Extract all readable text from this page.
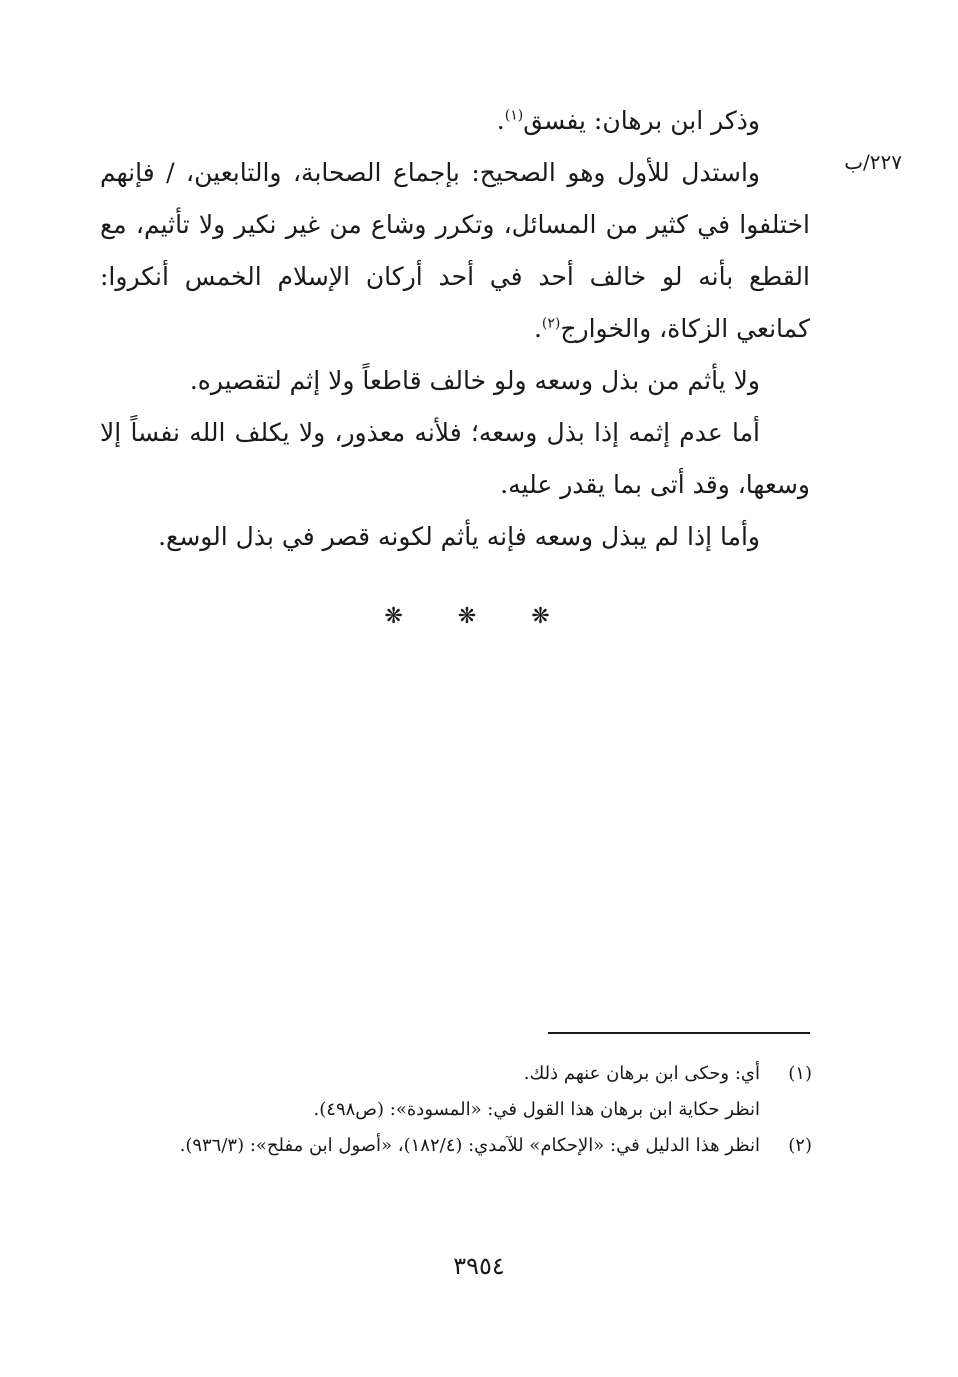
٢٢٧/ب

وذكر ابن برهان: يفسق$^{(١)}$.

واستدل للأول وهو الصحيح: بإجماع الصحابة، والتابعين، / فإنهم اختلفوا في كثير من المسائل، وتكرر وشاع من غير نكير ولا تأثيم، مع القطع بأنه لو خالف أحد في أحد أركان الإسلام الخمس أنكروا: كمانعي الزكاة، والخوارج$^{(٢)}$.

ولا يأثم من بذل وسعه ولو خالف قاطعاً ولا إثم لتقصيره.

أما عدم إثمه إذا بذل وسعه؛ فلأنه معذور، ولا يكلف الله نفساً إلا وسعها، وقد أتى بما يقدر عليه.

وأما إذا لم يبذل وسعه فإنه يأثم لكونه قصر في بذل الوسع.

❋ ❋ ❋
(١)

أي: وحكى ابن برهان عنهم ذلك.

انظر حكاية ابن برهان هذا القول في: «المسودة»: (ص٤٩٨).

(٢)

انظر هذا الدليل في: «الإحكام» للآمدي: (١٨٢/٤)، «أصول ابن مفلح»: (٩٣٦/٣).

٣٩٥٤
